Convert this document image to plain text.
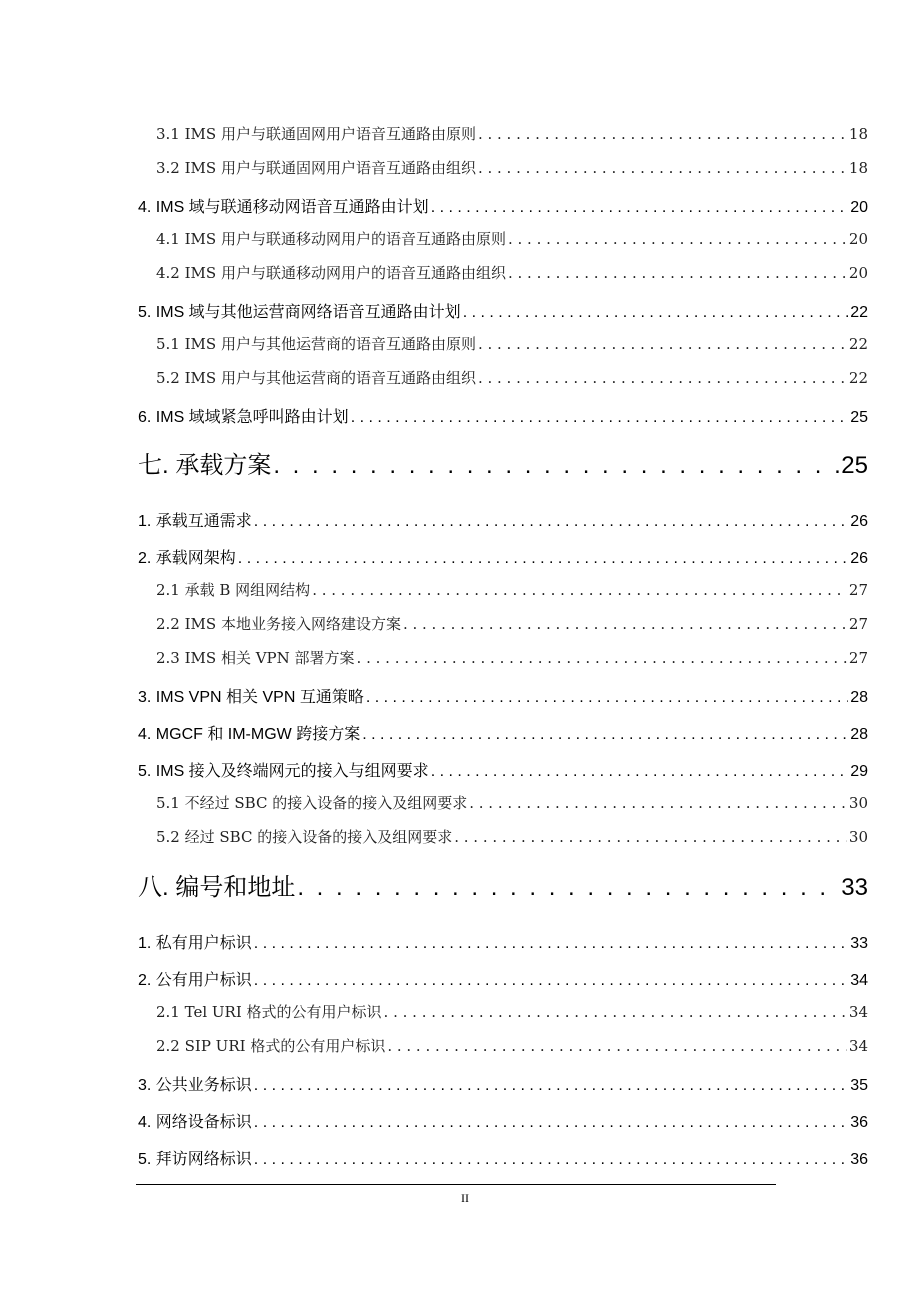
3.1 IMS 用户与联通固网用户语音互通路由原则 . . .	18
3.2 IMS 用户与联通固网用户语音互通路由组织 . . .	18
4. IMS 域与联通移动网语音互通路由计划 . . .	20
4.1 IMS 用户与联通移动网用户的语音互通路由原则 . . .	20
4.2 IMS 用户与联通移动网用户的语音互通路由组织 . . .	20
5. IMS 域与其他运营商网络语音互通路由计划 . . .	22
5.1 IMS 用户与其他运营商的语音互通路由原则 . . .	22
5.2 IMS 用户与其他运营商的语音互通路由组织 . . .	22
6. IMS 域域紧急呼叫路由计划 . . .	25
七. 承载方案 . . .	25
1. 承载互通需求 . . .	26
2. 承载网架构 . . .	26
2.1 承载 B 网组网结构 . . .	27
2.2 IMS 本地业务接入网络建设方案 . . .	27
2.3 IMS 相关 VPN 部署方案 . . .	27
3. IMS VPN 相关 VPN 互通策略 . . .	28
4. MGCF 和 IM-MGW 跨接方案 . . .	28
5. IMS 接入及终端网元的接入与组网要求 . . .	29
5.1 不经过 SBC 的接入设备的接入及组网要求 . . .	30
5.2 经过 SBC 的接入设备的接入及组网要求 . . .	30
八. 编号和地址 . . .	33
1. 私有用户标识 . . .	33
2. 公有用户标识 . . .	34
2.1 Tel URI 格式的公有用户标识 . . .	34
2.2 SIP URI 格式的公有用户标识 . . .	34
3. 公共业务标识 . . .	35
4. 网络设备标识 . . .	36
5. 拜访网络标识 . . .	36
II
